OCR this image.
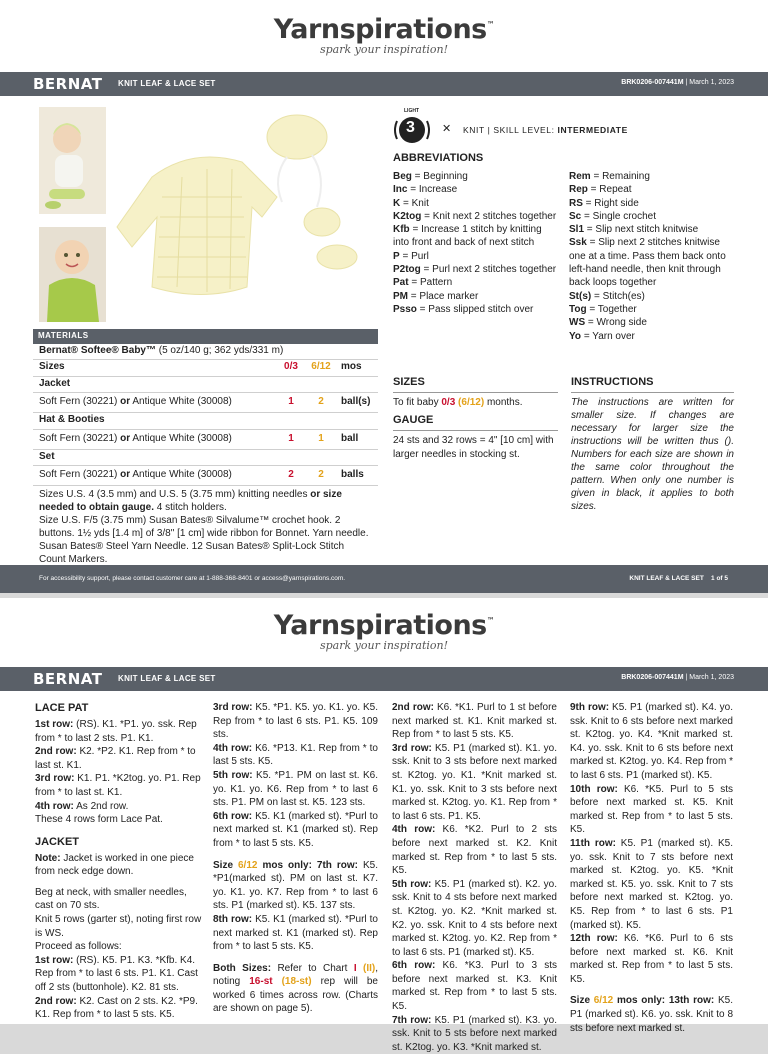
Yarnspirations™
spark your inspiration!
BERNAT KNIT LEAF & LACE SET	BRK0206-007441M | March 1, 2023
LIGHT
3 ✕ KNIT | SKILL LEVEL: INTERMEDIATE
ABBREVIATIONS
Beg = Beginning
Inc = Increase
K = Knit
K2tog = Knit next 2 stitches together
Kfb = Increase 1 stitch by knitting into front and back of next stitch
P = Purl
P2tog = Purl next 2 stitches together
Pat = Pattern
PM = Place marker
Psso = Pass slipped stitch over
Rem = Remaining
Rep = Repeat
RS = Right side
Sc = Single crochet
Sl1 = Slip next stitch knitwise
Ssk = Slip next 2 stitches knitwise one at a time. Pass them back onto left-hand needle, then knit through back loops together
St(s) = Stitch(es)
Tog = Together
WS = Wrong side
Yo = Yarn over
MATERIALS
Bernat® Softee® Baby™ (5 oz/140 g; 362 yds/331 m)
Sizes	0/3	6/12	mos
Jacket
Soft Fern (30221) or Antique White (30008)	1	2	ball(s)
Hat & Booties
Soft Fern (30221) or Antique White (30008)	1	1	ball
Set
Soft Fern (30221) or Antique White (30008)	2	2	balls
Sizes U.S. 4 (3.5 mm) and U.S. 5 (3.75 mm) knitting needles or size needed to obtain gauge. 4 stitch holders.
Size U.S. F/5 (3.75 mm) Susan Bates® Silvalume™ crochet hook. 2 buttons. 1½ yds [1.4 m] of 3/8" [1 cm] wide ribbon for Bonnet. Yarn needle. Susan Bates® Steel Yarn Needle. 12 Susan Bates® Split-Lock Stitch Count Markers.
SIZES
To fit baby 0/3 (6/12) months.
GAUGE
24 sts and 32 rows = 4" [10 cm] with larger needles in stocking st.
INSTRUCTIONS
The instructions are written for smaller size. If changes are necessary for larger size the instructions will be written thus (). Numbers for each size are shown in the same color throughout the pattern. When only one number is given in black, it applies to both sizes.
For accessibility support, please contact customer care at 1-888-368-8401 or access@yarnspirations.com.	KNIT LEAF & LACE SET    1 of 5
Yarnspirations™
spark your inspiration!
BERNAT KNIT LEAF & LACE SET	BRK0206-007441M | March 1, 2023
LACE PAT
1st row: (RS). K1. *P1. yo. ssk. Rep from * to last 2 sts. P1. K1.
2nd row: K2. *P2. K1. Rep from * to last st. K1.
3rd row: K1. P1. *K2tog. yo. P1. Rep from * to last st. K1.
4th row: As 2nd row.
These 4 rows form Lace Pat.
JACKET
Note: Jacket is worked in one piece from neck edge down.
Beg at neck, with smaller needles, cast on 70 sts.
Knit 5 rows (garter st), noting first row is WS.
Proceed as follows:
1st row: (RS). K5. P1. K3. *Kfb. K4. Rep from * to last 6 sts. P1. K1. Cast off 2 sts (buttonhole). K2. 81 sts.
2nd row: K2. Cast on 2 sts. K2. *P9. K1. Rep from * to last 5 sts. K5.
3rd row: K5. *P1. K5. yo. K1. yo. K5. Rep from * to last 6 sts. P1. K5. 109 sts.
4th row: K6. *P13. K1. Rep from * to last 5 sts. K5.
5th row: K5. *P1. PM on last st. K6. yo. K1. yo. K6. Rep from * to last 6 sts. P1. PM on last st. K5. 123 sts.
6th row: K5. K1 (marked st). *Purl to next marked st. K1 (marked st). Rep from * to last 5 sts. K5.
Size 6/12 mos only: 7th row: K5. *P1(marked st). PM on last st. K7. yo. K1. yo. K7. Rep from * to last 6 sts. P1 (marked st). K5. 137 sts.
8th row: K5. K1 (marked st). *Purl to next marked st. K1 (marked st). Rep from * to last 5 sts. K5.
Both Sizes: Refer to Chart I (II), noting 16-st (18-st) rep will be worked 6 times across row. (Charts are shown on page 5).
2nd row: K6. *K1. Purl to 1 st before next marked st. K1. Knit marked st. Rep from * to last 5 sts. K5.
3rd row: K5. P1 (marked st). K1. yo. ssk. Knit to 3 sts before next marked st. K2tog. yo. K1. *Knit marked st. K1. yo. ssk. Knit to 3 sts before next marked st. K2tog. yo. K1. Rep from * to last 6 sts. P1. K5.
4th row: K6. *K2. Purl to 2 sts before next marked st. K2. Knit marked st. Rep from * to last 5 sts. K5.
5th row: K5. P1 (marked st). K2. yo. ssk. Knit to 4 sts before next marked st. K2tog. yo. K2. *Knit marked st. K2. yo. ssk. Knit to 4 sts before next marked st. K2tog. yo. K2. Rep from * to last 6 sts. P1 (marked st). K5.
6th row: K6. *K3. Purl to 3 sts before next marked st. K3. Knit marked st. Rep from * to last 5 sts. K5.
7th row: K5. P1 (marked st). K3. yo. ssk. Knit to 5 sts before next marked st. K2tog. yo. K3. *Knit marked st.
9th row: K5. P1 (marked st). K4. yo. ssk. Knit to 6 sts before next marked st. K2tog. yo. K4. *Knit marked st. K4. yo. ssk. Knit to 6 sts before next marked st. K2tog. yo. K4. Rep from * to last 6 sts. P1 (marked st). K5.
10th row: K6. *K5. Purl to 5 sts before next marked st. K5. Knit marked st. Rep from * to last 5 sts. K5.
11th row: K5. P1 (marked st). K5. yo. ssk. Knit to 7 sts before next marked st. K2tog. yo. K5. *Knit marked st. K5. yo. ssk. Knit to 7 sts before next marked st. K2tog. yo. K5. Rep from * to last 6 sts. P1 (marked st). K5.
12th row: K6. *K6. Purl to 6 sts before next marked st. K6. Knit marked st. Rep from * to last 5 sts. K5.
Size 6/12 mos only: 13th row: K5. P1 (marked st). K6. yo. ssk. Knit to 8 sts before next marked st.
